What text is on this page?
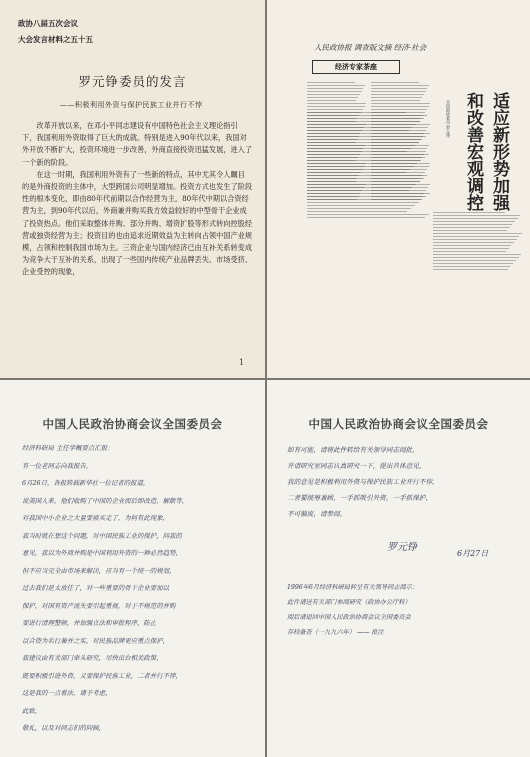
政协八届五次会议
大会发言材料之五十五
罗元铮委员的发言
——积极利用外资与保护民族工业并行不悖

改革开放以来，在邓小平同志建设有中国特色社会主义理论指引下，我国利用外资取得了巨大的成就。特别是进入90年代以来，我国对外开放不断扩大，投资环境进一步改善，外商直接投资迅猛发展，进入了一个新的阶段。

在这一时期，我国利用外资有了一些新的特点，其中尤其令人瞩目的是外商投资的主体中，大型跨国公司明显增加。投资方式也发生了阶段性的根本变化，即由80年代前期以合作经营为主，80年代中期以合资经营为主，到90年代以后，外商兼并购买我方效益较好的中型骨干企业成了投资热点。他们采取整体并购、部分并购、增资扩股等形式转向控股经营或独资经营为主；投资目的也由追求近期效益为主转向占领中国产业规模，占领和控制我国市场为主。三资企业与国内经济已由互补关系转变成为竞争大于互补的关系，出现了一些国内传统产业品牌丢失、市场受挤、企业受控的现象，

1
人民政协报 调查版文摘 经济·社会
经济专家茶座
适应新形势加强
和改善宏观调控
全国政协委员 罗元铮
中国人民政治协商会议全国委员会
经济科研局 主任学概要点汇报：
有一位老同志向我报告，
6月26日，各报转载新华社一位记者的报道，
说美国人来，他们收购了中国的企业而后即改造、解散等，
对我国中小企业之大量要被买走了，为何有此现象，
我当时就在想这个问题，对中国民族工业的保护，问我的
意见，我以为外商并购是中国利用外资的一种必然趋势，
但不应当完全由市场来解决，应当有一个统一的规划，
过去我们是太放任了，对一些重要的骨干企业要加以
保护，对国有资产流失要引起重视，对于不规范的并购
要进行清理整顿，并加强立法和审批程序，防止
以合资为名行兼并之实，对民族品牌更应重点保护，
我建议由有关部门牵头研究，尽快出台相关政策，
既要积极引进外资，又要保护民族工业，二者并行不悖，
这是我的一点看法，请予考虑，
此致，
敬礼，以及对同志们的问候，
中国人民政治协商会议全国委员会
如有可能，请将此件转给有关领导同志阅批，
并请研究室同志认真研究一下，提出具体意见，
我的意见是积极利用外资与保护民族工业并行不悖，
二者要统筹兼顾，一手抓吸引外资，一手抓保护，
不可偏废，请参阅。
罗元铮
6月27日
1996年6月经济科研局转呈有关领导同志阅示：
此件请送有关部门参阅研究（政协办公厅转）
阅后请退回中国人民政治协商会议全国委员会
存档备查（一九九六年） —— 批注
